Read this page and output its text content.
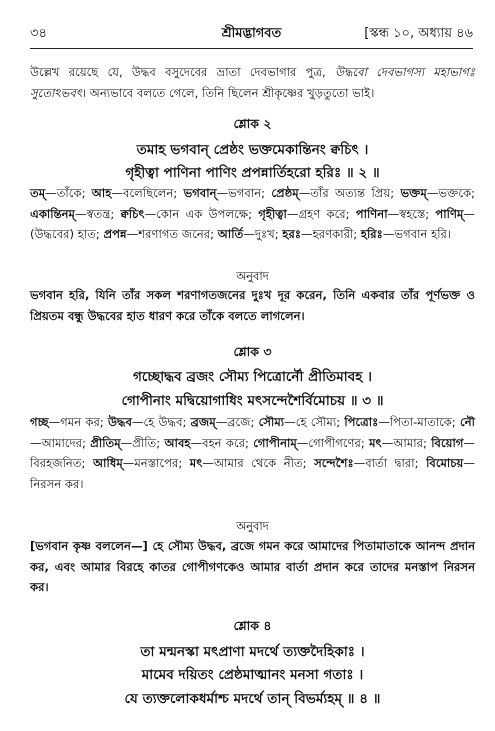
৩৪	শ্রীমদ্ভাগবত	[স্কন্ধ ১০, অধ্যায় ৪৬

উল্লেখ রয়েছে যে, উদ্ধব বসুদেবের ভ্রাতা দেবভাগার পুত্র, উদ্ধবো দেবভাগস্য মহাভাগঃ সুতোঽভবৎ। অন্যভাবে বলতে গেলে, তিনি ছিলেন শ্রীকৃষ্ণের খুড়তুতো ভাই।

শ্লোক ২
তমাহ ভগবান্ প্রেষ্ঠং ভক্তমেকান্তিনং ক্বচিৎ ।
গৃহীত্বা পাণিনা পাণিং প্রপন্নার্তিহরো হরিঃ ॥ ২ ॥

তম্—তাঁকে; আহ—বলেছিলেন; ভগবান্—ভগবান; প্রেষ্ঠম্—তাঁর অত্যন্ত প্রিয়; ভক্তম্—ভক্তকে; একান্তিনম্—স্বতন্ত্র; ক্বচিৎ—কোন এক উপলক্ষে; গৃহীত্বা—গ্রহণ করে; পাণিনা—স্বহস্তে; পাণিম্—(উদ্ধবের) হাত; প্রপন্ন—শরণাগত জনের; আর্তি—দুঃখ; হরঃ—হরণকারী; হরিঃ—ভগবান হরি।

অনুবাদ

ভগবান হরি, যিনি তাঁর সকল শরণাগতজনের দুঃখ দূর করেন, তিনি একবার তাঁর পূর্ণভক্ত ও প্রিয়তম বন্ধু উদ্ধবের হাত ধারণ করে তাঁকে বলতে লাগলেন।

শ্লোক ৩
গচ্ছোদ্ধব ব্রজং সৌম্য পিত্রোর্নৌ প্রীতিমাবহ ।
গোপীনাং মদ্বিয়োগাধিং মৎসন্দেশৈর্বিমোচয় ॥ ৩ ॥

গচ্ছ—গমন কর; উদ্ধব—হে উদ্ধব; ব্রজম্—ব্রজে; সৌম্য—হে সৌম্য; পিত্রোঃ—পিতা-মাতাকে; নৌ—আমাদের; প্রীতিম্—প্রীতি; আবহ—বহন করে; গোপীনাম্—গোপীগণের; মৎ—আমার; বিয়োগ—বিরহজনিত; আধিম্—মনস্তাপের; মৎ—আমার থেকে নীত; সন্দেশৈঃ—বার্তা দ্বারা; বিমোচয়—নিরসন কর।

অনুবাদ

[ভগবান কৃষ্ণ বললেন—] হে সৌম্য উদ্ধব, ব্রজে গমন করে আমাদের পিতামাতাকে আনন্দ প্রদান কর, এবং আমার বিরহে কাতর গোপীগণকেও আমার বার্তা প্রদান করে তাদের মনস্তাপ নিরসন কর।

শ্লোক ৪
তা মন্মনস্কা মৎপ্রাণা মদর্থে ত্যক্তদৈহিকাঃ ।
মামেব দয়িতং প্রেষ্ঠমাত্মানং মনসা গতাঃ ।
যে ত্যক্তলোকধর্মাশ্চ মদর্থে তান্ বিভর্ম্যহম্ ॥ ৪ ॥
